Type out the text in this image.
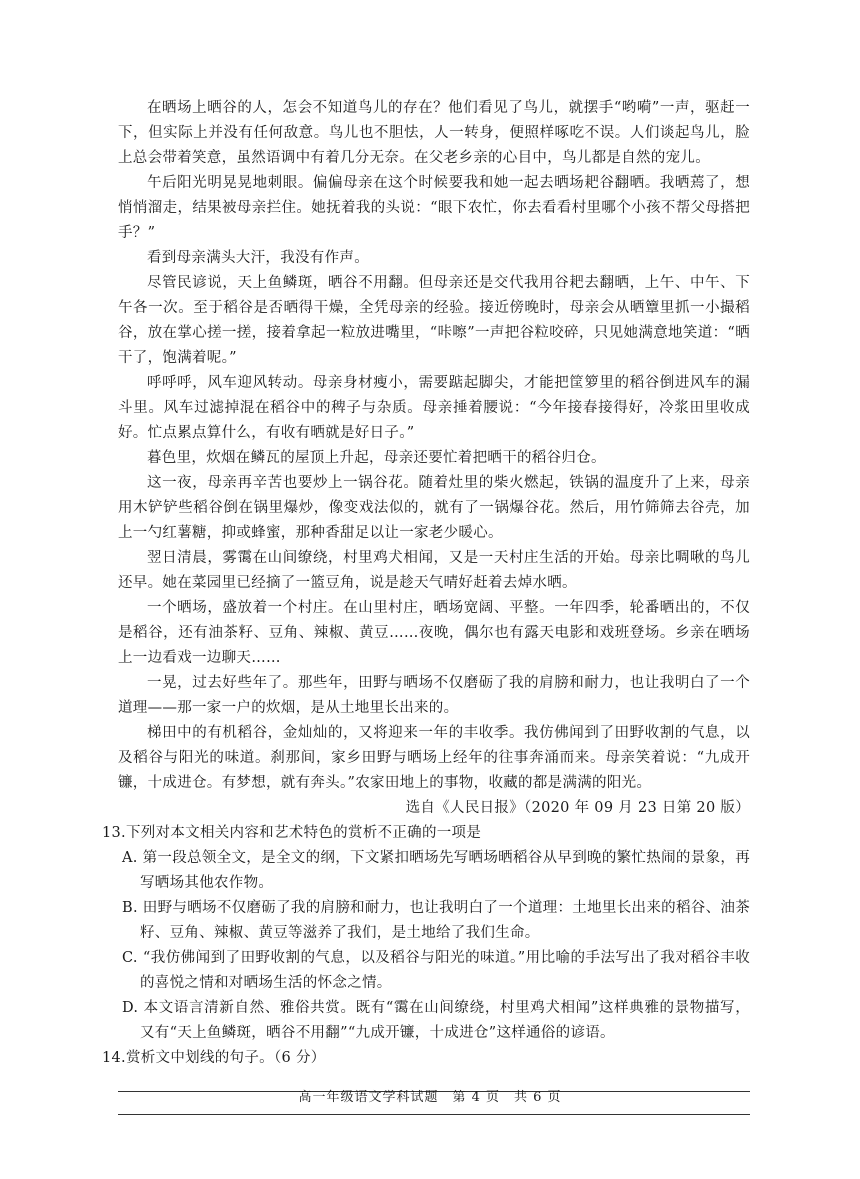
在晒场上晒谷的人，怎会不知道鸟儿的存在？他们看见了鸟儿，就摆手“哟嗬”一声，驱赶一下，但实际上并没有任何敌意。鸟儿也不胆怯，人一转身，便照样啄吃不误。人们谈起鸟儿，脸上总会带着笑意，虽然语调中有着几分无奈。在父老乡亲的心目中，鸟儿都是自然的宠儿。

午后阳光明晃晃地刺眼。偏偏母亲在这个时候要我和她一起去晒场耙谷翻晒。我晒蔫了，想悄悄溜走，结果被母亲拦住。她抚着我的头说：“眼下农忙，你去看看村里哪个小孩不帮父母搭把手？”

看到母亲满头大汗，我没有作声。

尽管民谚说，天上鱼鳞斑，晒谷不用翻。但母亲还是交代我用谷耙去翻晒，上午、中午、下午各一次。至于稻谷是否晒得干燥，全凭母亲的经验。接近傍晚时，母亲会从晒簟里抓一小撮稻谷，放在掌心搓一搓，接着拿起一粒放进嘴里，“咔嚓”一声把谷粒咬碎，只见她满意地笑道：“晒干了，饱满着呢。”

呼呼呼，风车迎风转动。母亲身材瘦小，需要踮起脚尖，才能把筐箩里的稻谷倒进风车的漏斗里。风车过滤掉混在稻谷中的稗子与杂质。母亲捶着腰说：“今年接春接得好，冷浆田里收成好。忙点累点算什么，有收有晒就是好日子。”

暮色里，炊烟在鳞瓦的屋顶上升起，母亲还要忙着把晒干的稻谷归仓。

这一夜，母亲再辛苦也要炒上一锅谷花。随着灶里的柴火燃起，铁锅的温度升了上来，母亲用木铲铲些稻谷倒在锅里爆炒，像变戏法似的，就有了一锅爆谷花。然后，用竹筛筛去谷壳，加上一勺红薯糖，抑或蜂蜜，那种香甜足以让一家老少暖心。

翌日清晨，雾霭在山间缭绕，村里鸡犬相闻，又是一天村庄生活的开始。母亲比啁啾的鸟儿还早。她在菜园里已经摘了一篮豆角，说是趁天气晴好赶着去焯水晒。

一个晒场，盛放着一个村庄。在山里村庄，晒场宽阔、平整。一年四季，轮番晒出的，不仅是稻谷，还有油茶籽、豆角、辣椒、黄豆……夜晚，偶尔也有露天电影和戏班登场。乡亲在晒场上一边看戏一边聊天……

一晃，过去好些年了。那些年，田野与晒场不仅磨砺了我的肩膀和耐力，也让我明白了一个道理——那一家一户的炊烟，是从土地里长出来的。

梯田中的有机稻谷，金灿灿的，又将迎来一年的丰收季。我仿佛闻到了田野收割的气息，以及稻谷与阳光的味道。刹那间，家乡田野与晒场上经年的往事奔涌而来。母亲笑着说：“九成开镰，十成进仓。有梦想，就有奔头。”农家田地上的事物，收藏的都是满满的阳光。

选自《人民日报》（2020 年 09 月 23 日第 20 版）

13.下列对本文相关内容和艺术特色的赏析不正确的一项是

A. 第一段总领全文，是全文的纲，下文紧扣晒场先写晒场晒稻谷从早到晚的繁忙热闹的景象，再写晒场其他农作物。

B. 田野与晒场不仅磨砺了我的肩膀和耐力，也让我明白了一个道理：土地里长出来的稻谷、油茶籽、豆角、辣椒、黄豆等滋养了我们，是土地给了我们生命。

C. “我仿佛闻到了田野收割的气息，以及稻谷与阳光的味道。”用比喻的手法写出了我对稻谷丰收的喜悦之情和对晒场生活的怀念之情。

D. 本文语言清新自然、雅俗共赏。既有“霭在山间缭绕，村里鸡犬相闻”这样典雅的景物描写，又有“天上鱼鳞斑，晒谷不用翻”“九成开镰，十成进仓”这样通俗的谚语。

14.赏析文中划线的句子。（6 分）

高一年级语文学科试题　第 4 页　共 6 页
